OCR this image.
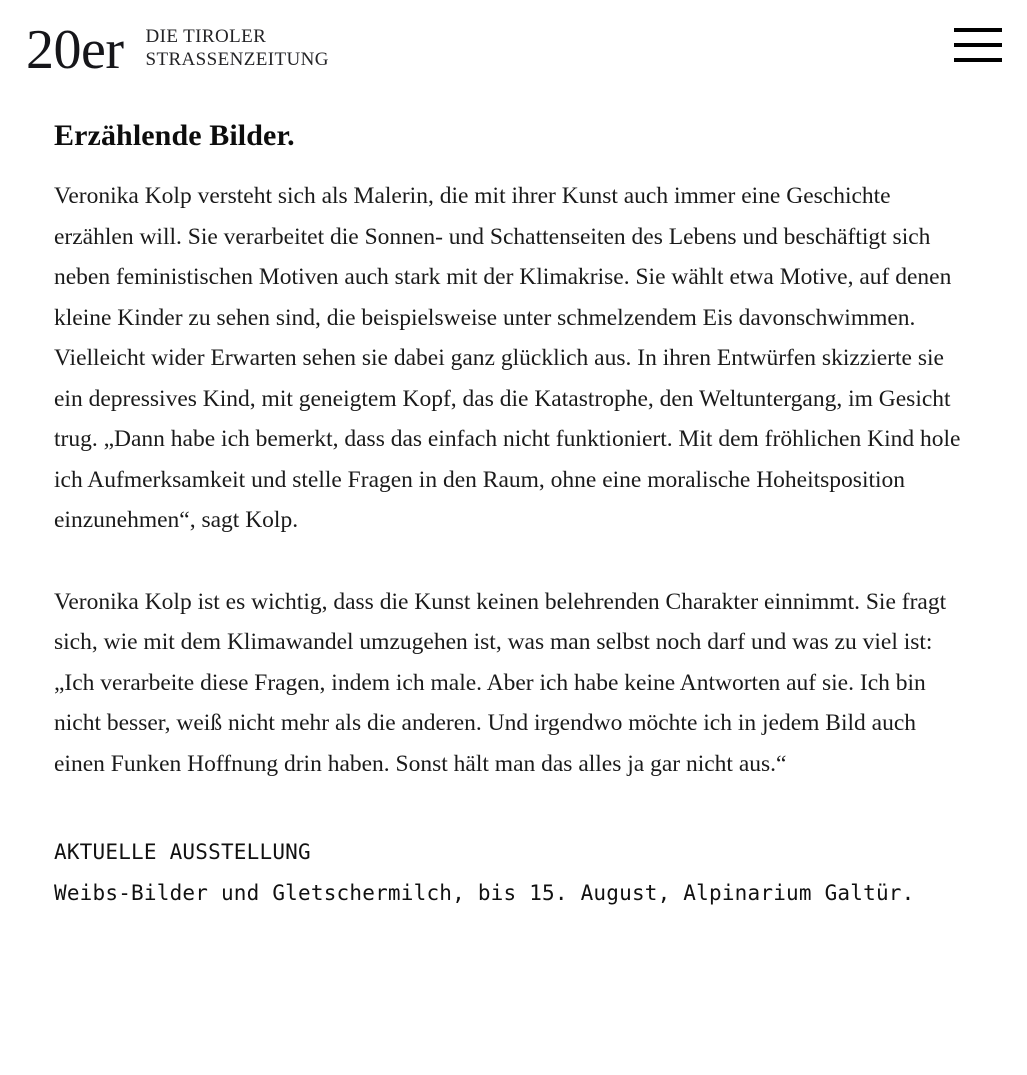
20er DIE TIROLER
STRASSENZEITUNG
Erzählende Bilder.

Veronika Kolp versteht sich als Malerin, die mit ihrer Kunst auch immer eine Geschichte erzählen will. Sie verarbeitet die Sonnen- und Schattenseiten des Lebens und beschäftigt sich neben feministischen Motiven auch stark mit der Klimakrise. Sie wählt etwa Motive, auf denen kleine Kinder zu sehen sind, die beispielsweise unter schmelzendem Eis davonschwimmen. Vielleicht wider Erwarten sehen sie dabei ganz glücklich aus. In ihren Entwürfen skizzierte sie ein depressives Kind, mit geneigtem Kopf, das die Katastrophe, den Weltuntergang, im Gesicht trug. „Dann habe ich bemerkt, dass das einfach nicht funktioniert. Mit dem fröhlichen Kind hole ich Aufmerksamkeit und stelle Fragen in den Raum, ohne eine moralische Hoheitsposition einzunehmen“, sagt Kolp.

Veronika Kolp ist es wichtig, dass die Kunst keinen belehrenden Charakter einnimmt. Sie fragt sich, wie mit dem Klimawandel umzugehen ist, was man selbst noch darf und was zu viel ist: „Ich verarbeite diese Fragen, indem ich male. Aber ich habe keine Antworten auf sie. Ich bin nicht besser, weiß nicht mehr als die anderen. Und irgendwo möchte ich in jedem Bild auch einen Funken Hoffnung drin haben. Sonst hält man das alles ja gar nicht aus.“

AKTUELLE AUSSTELLUNG
Weibs-Bilder und Gletschermilch, bis 15. August, Alpinarium Galtür.
